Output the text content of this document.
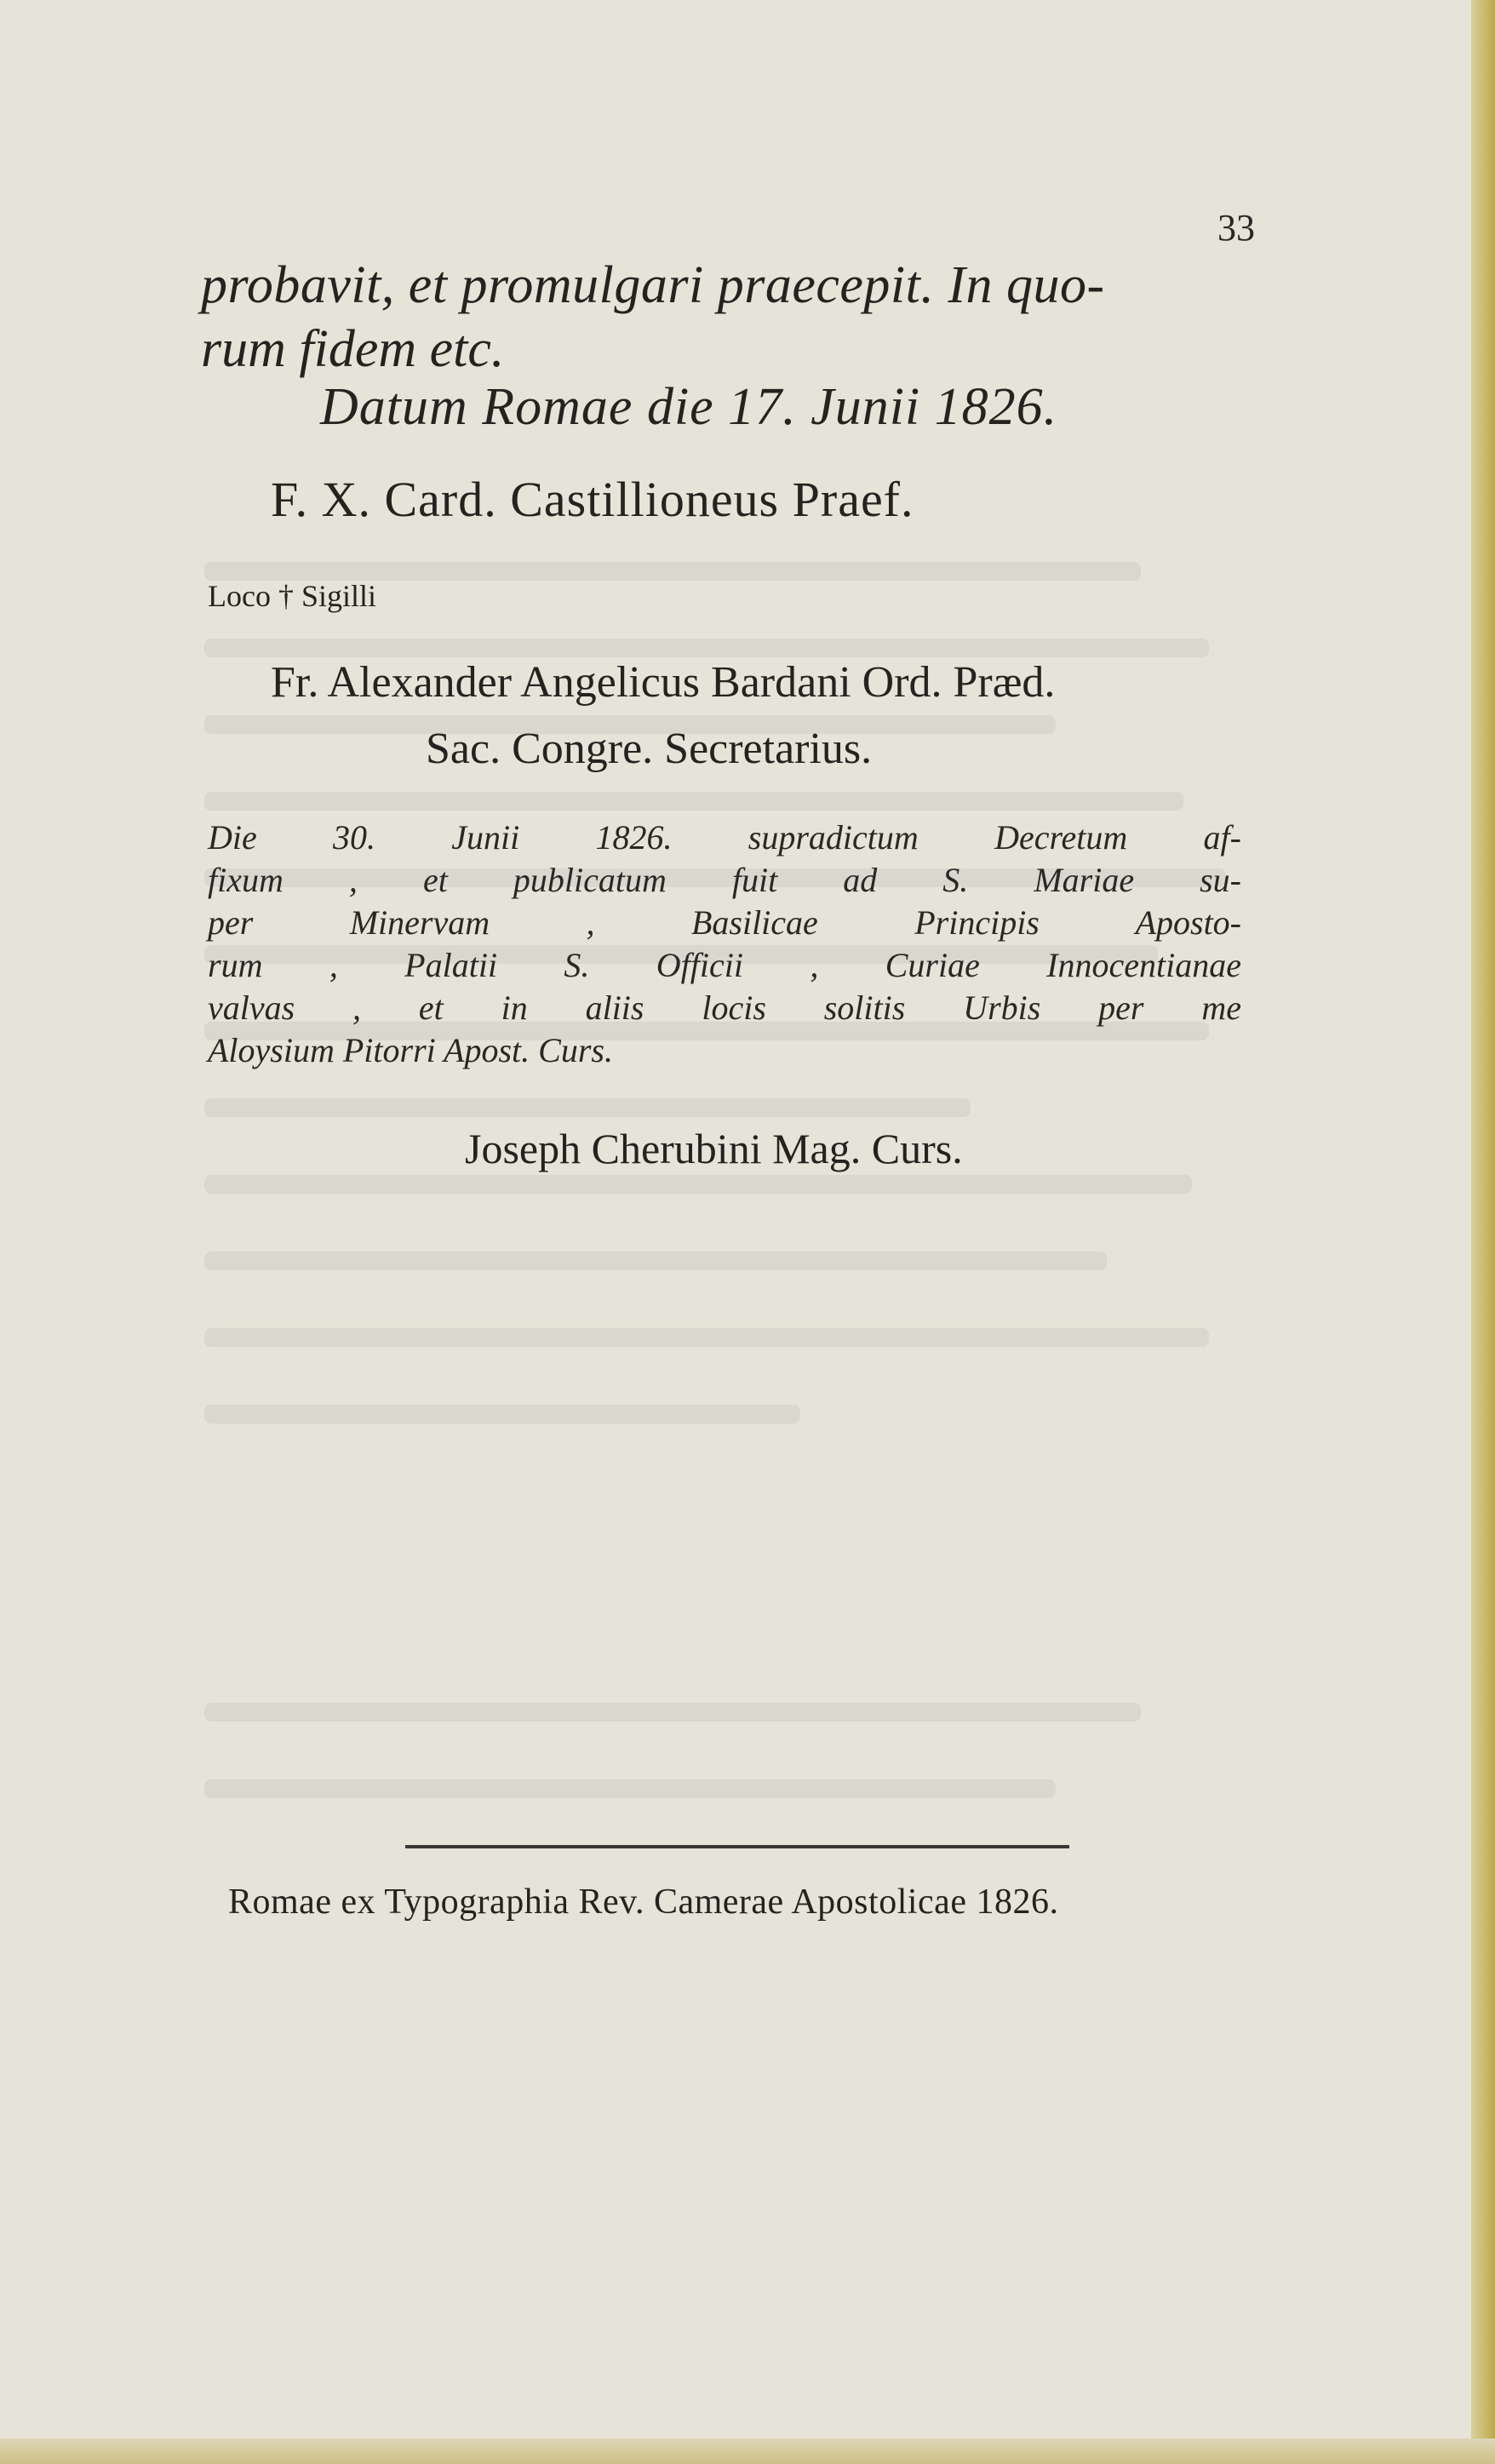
33
probavit, et promulgari praecepit. In quo-
rum fidem etc.
Datum Romae die 17. Junii 1826.
F. X. Card. Castillioneus Praef.
Loco † Sigilli
Fr. Alexander Angelicus Bardani Ord. Præd.
Sac. Congre. Secretarius.
Die 30. Junii 1826. supradictum Decretum af-
fixum , et publicatum fuit ad S. Mariae su-
per Minervam , Basilicae Principis Aposto-
rum , Palatii S. Officii , Curiae Innocentianae
valvas , et in aliis locis solitis Urbis per me
Aloysium Pitorri Apost. Curs.
Joseph Cherubini Mag. Curs.
Romae ex Typographia Rev. Camerae Apostolicae 1826.
